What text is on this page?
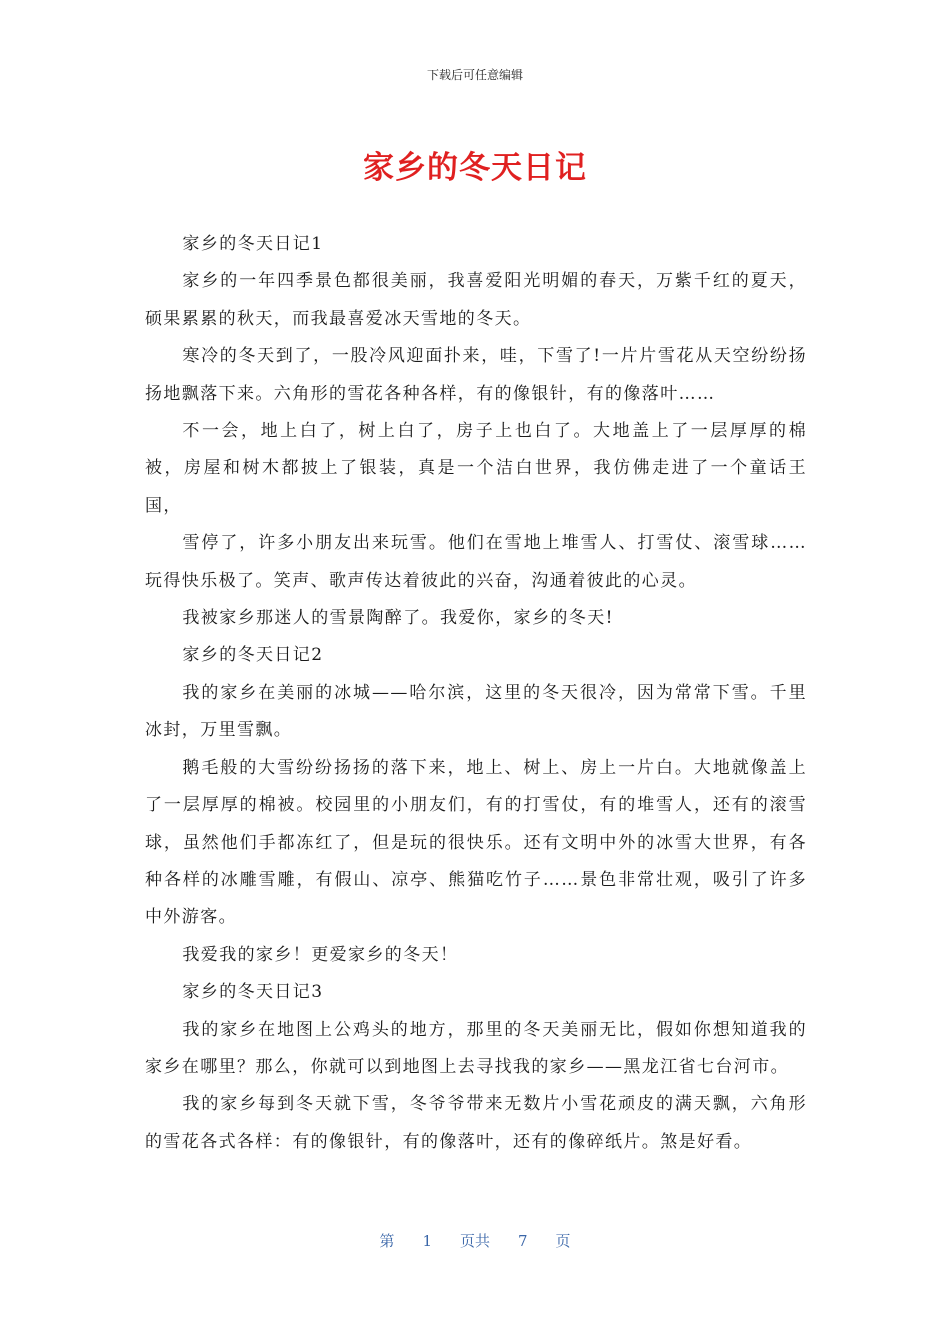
下载后可任意编辑
家乡的冬天日记

家乡的冬天日记1

家乡的一年四季景色都很美丽，我喜爱阳光明媚的春天，万紫千红的夏天，硕果累累的秋天，而我最喜爱冰天雪地的冬天。

寒冷的冬天到了，一股冷风迎面扑来，哇，下雪了!一片片雪花从天空纷纷扬扬地飘落下来。六角形的雪花各种各样，有的像银针，有的像落叶……

不一会，地上白了，树上白了，房子上也白了。大地盖上了一层厚厚的棉被，房屋和树木都披上了银装，真是一个洁白世界，我仿佛走进了一个童话王国，

雪停了，许多小朋友出来玩雪。他们在雪地上堆雪人、打雪仗、滚雪球……玩得快乐极了。笑声、歌声传达着彼此的兴奋，沟通着彼此的心灵。

我被家乡那迷人的雪景陶醉了。我爱你，家乡的冬天!

家乡的冬天日记2

我的家乡在美丽的冰城——哈尔滨，这里的冬天很冷，因为常常下雪。千里冰封，万里雪飘。

鹅毛般的大雪纷纷扬扬的落下来，地上、树上、房上一片白。大地就像盖上了一层厚厚的棉被。校园里的小朋友们，有的打雪仗，有的堆雪人，还有的滚雪球，虽然他们手都冻红了，但是玩的很快乐。还有文明中外的冰雪大世界，有各种各样的冰雕雪雕，有假山、凉亭、熊猫吃竹子……景色非常壮观，吸引了许多中外游客。

我爱我的家乡！更爱家乡的冬天！

家乡的冬天日记3

我的家乡在地图上公鸡头的地方，那里的冬天美丽无比，假如你想知道我的家乡在哪里？那么，你就可以到地图上去寻找我的家乡——黑龙江省七台河市。

我的家乡每到冬天就下雪，冬爷爷带来无数片小雪花顽皮的满天飘，六角形的雪花各式各样：有的像银针，有的像落叶，还有的像碎纸片。煞是好看。

第 1 页共 7 页
